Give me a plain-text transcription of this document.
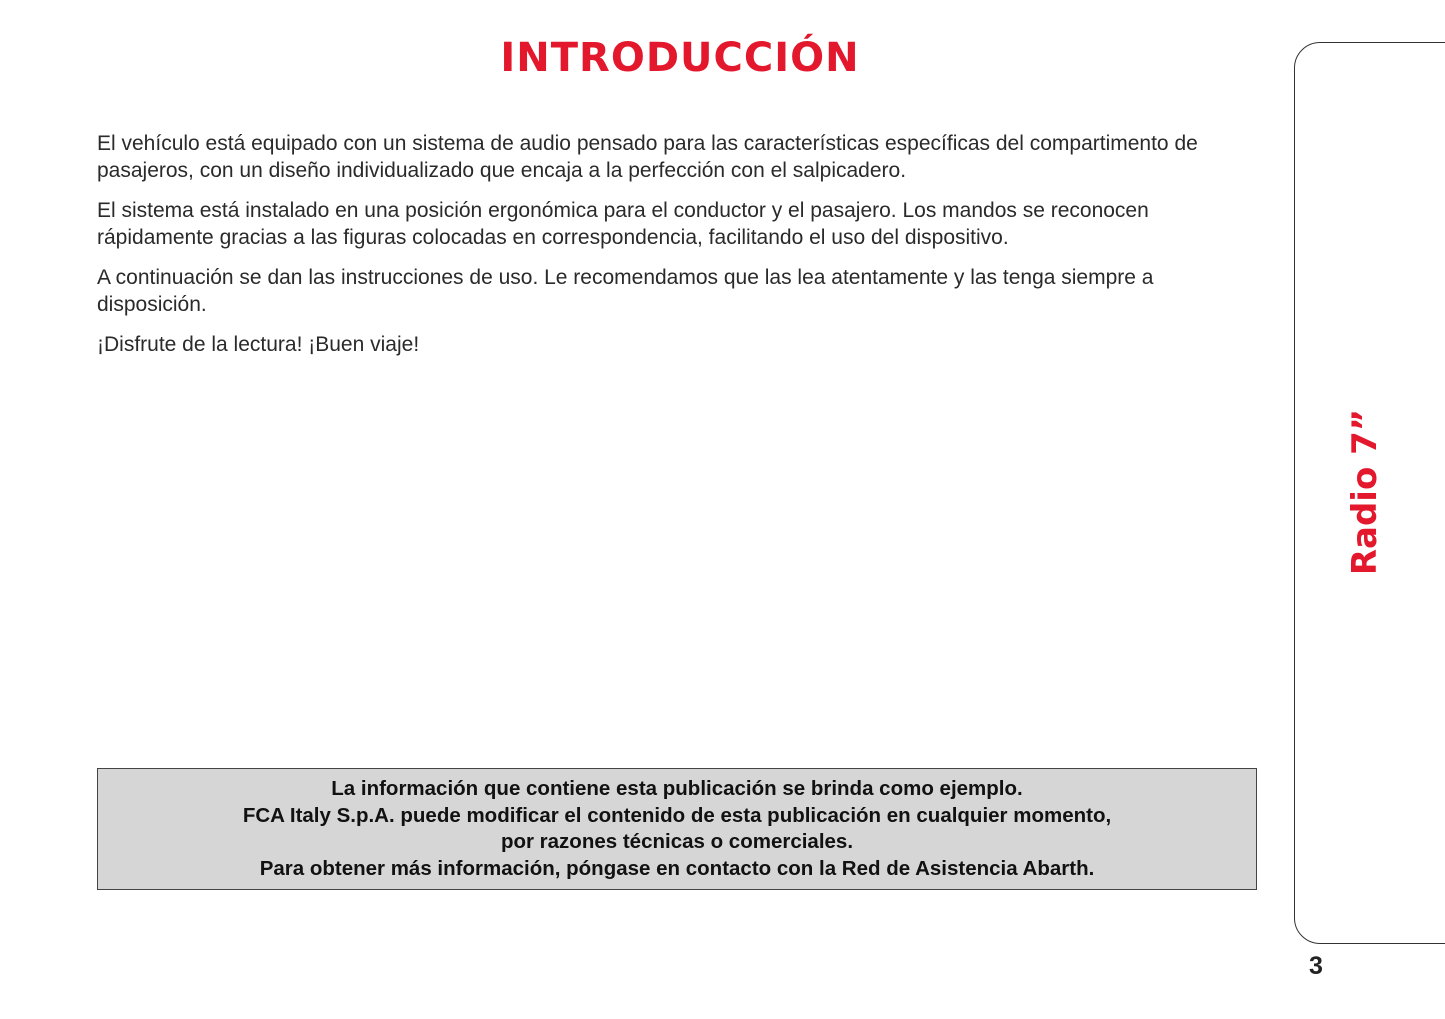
INTRODUCCIÓN

El vehículo está equipado con un sistema de audio pensado para las características específicas del compartimento de pasajeros, con un diseño individualizado que encaja a la perfección con el salpicadero.

El sistema está instalado en una posición ergonómica para el conductor y el pasajero. Los mandos se reconocen rápidamente gracias a las figuras colocadas en correspondencia, facilitando el uso del dispositivo.

A continuación se dan las instrucciones de uso. Le recomendamos que las lea atentamente y las tenga siempre a disposición.

¡Disfrute de la lectura! ¡Buen viaje!

La información que contiene esta publicación se brinda como ejemplo.
FCA Italy S.p.A. puede modificar el contenido de esta publicación en cualquier momento,
por razones técnicas o comerciales.
Para obtener más información, póngase en contacto con la Red de Asistencia Abarth.
Radio 7”
3
